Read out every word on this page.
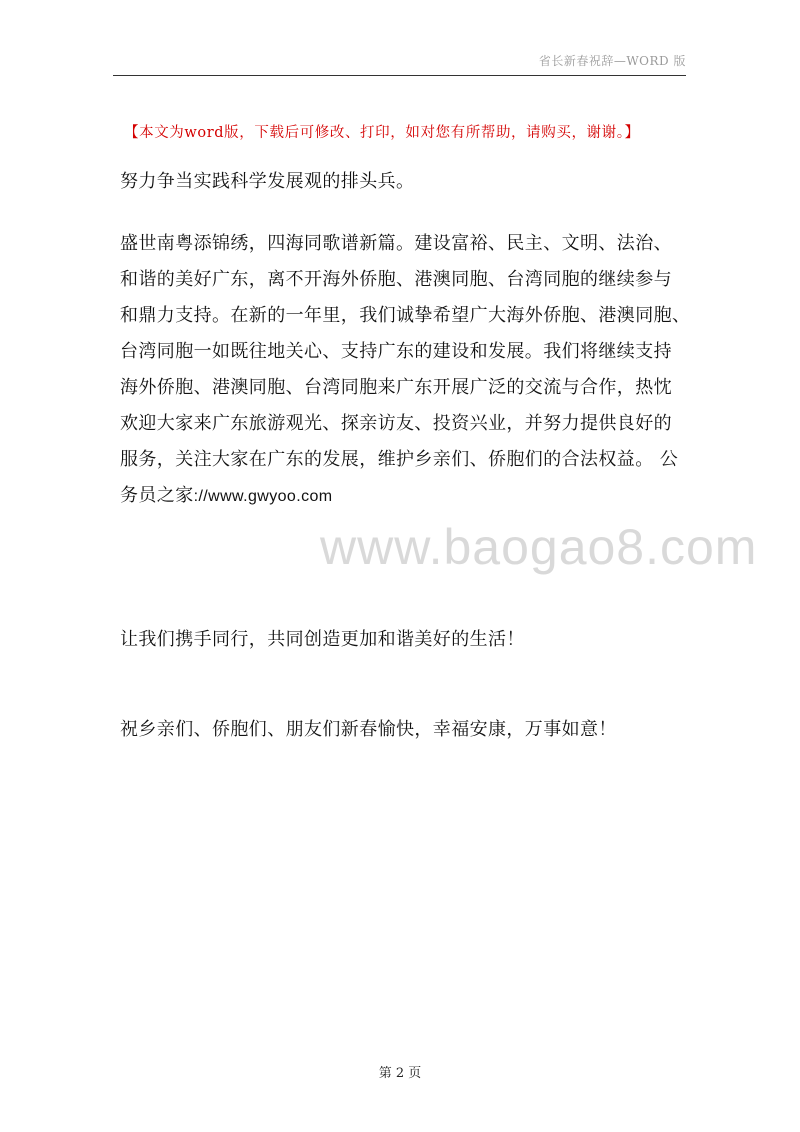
省长新春祝辞—WORD 版
【本文为word版，下载后可修改、打印，如对您有所帮助，请购买，谢谢。】

努力争当实践科学发展观的排头兵。

盛世南粤添锦绣，四海同歌谱新篇。建设富裕、民主、文明、法治、
和谐的美好广东，离不开海外侨胞、港澳同胞、台湾同胞的继续参与
和鼎力支持。在新的一年里，我们诚挚希望广大海外侨胞、港澳同胞、
台湾同胞一如既往地关心、支持广东的建设和发展。我们将继续支持
海外侨胞、港澳同胞、台湾同胞来广东开展广泛的交流与合作，热忱
欢迎大家来广东旅游观光、探亲访友、投资兴业，并努力提供良好的
服务，关注大家在广东的发展，维护乡亲们、侨胞们的合法权益。 公
务员之家://www.gwyoo.com

让我们携手同行，共同创造更加和谐美好的生活！

祝乡亲们、侨胞们、朋友们新春愉快，幸福安康，万事如意！

www.baogao8.com
第 2 页
